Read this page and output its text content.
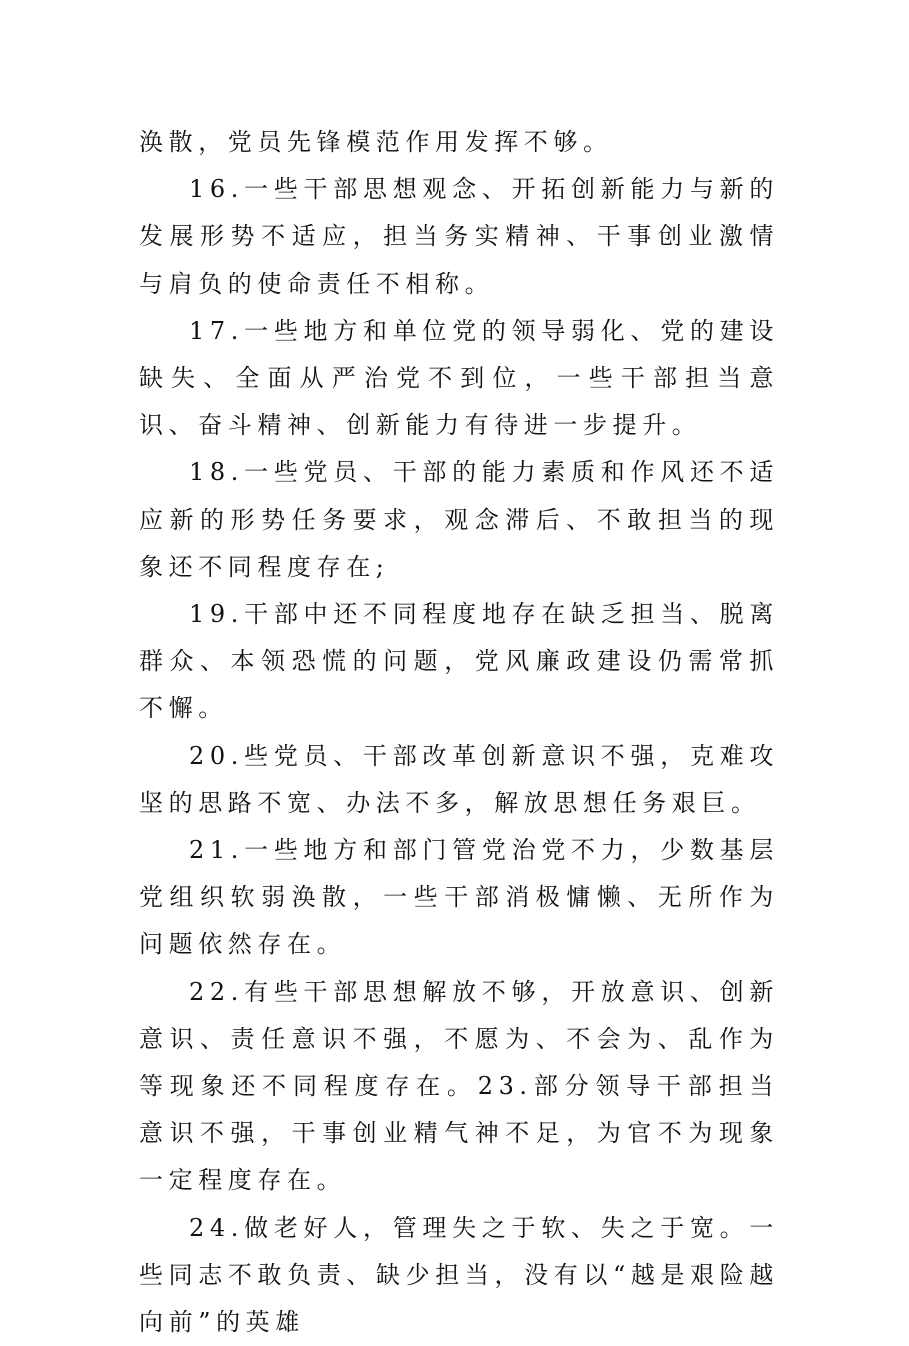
涣散，党员先锋模范作用发挥不够。

16.一些干部思想观念、开拓创新能力与新的发展形势不适应，担当务实精神、干事创业激情与肩负的使命责任不相称。

17.一些地方和单位党的领导弱化、党的建设缺失、全面从严治党不到位，一些干部担当意识、奋斗精神、创新能力有待进一步提升。

18.一些党员、干部的能力素质和作风还不适应新的形势任务要求，观念滞后、不敢担当的现象还不同程度存在;

19.干部中还不同程度地存在缺乏担当、脱离群众、本领恐慌的问题，党风廉政建设仍需常抓不懈。

20.些党员、干部改革创新意识不强，克难攻坚的思路不宽、办法不多，解放思想任务艰巨。

21.一些地方和部门管党治党不力，少数基层党组织软弱涣散，一些干部消极慵懒、无所作为问题依然存在。

22.有些干部思想解放不够，开放意识、创新意识、责任意识不强，不愿为、不会为、乱作为等现象还不同程度存在。23.部分领导干部担当意识不强，干事创业精气神不足，为官不为现象一定程度存在。

24.做老好人，管理失之于软、失之于宽。一些同志不敢负责、缺少担当，没有以“越是艰险越向前”的英雄
